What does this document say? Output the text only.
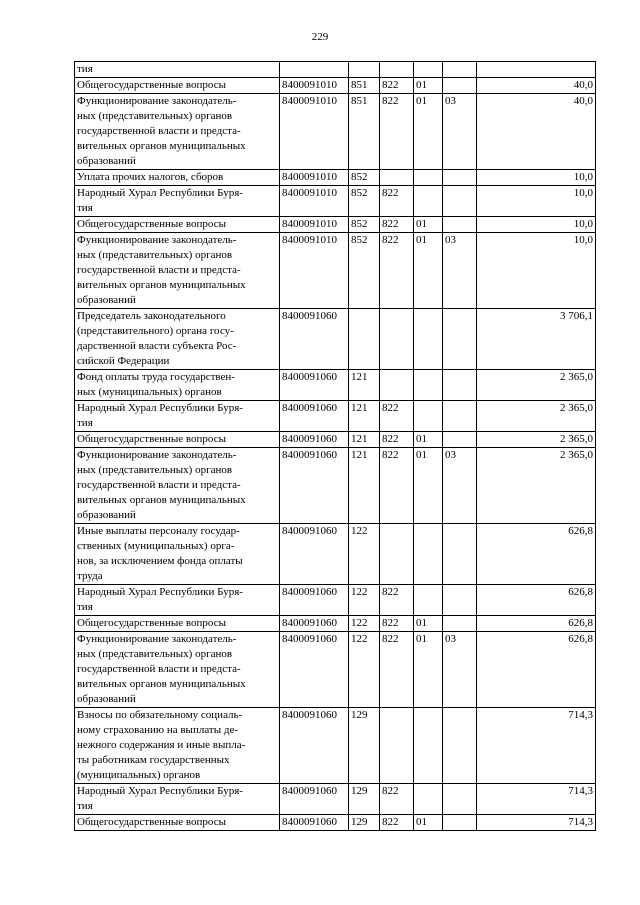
229
тия						
Общегосударственные вопросы	8400091010	851	822	01		40,0
Функционирование законодатель-
ных (представительных) органов
государственной власти и предста-
вительных органов муниципальных
образований	8400091010	851	822	01	03	40,0
Уплата прочих налогов, сборов	8400091010	852				10,0
Народный Хурал Республики Буря-
тия	8400091010	852	822			10,0
Общегосударственные вопросы	8400091010	852	822	01		10,0
Функционирование законодатель-
ных (представительных) органов
государственной власти и предста-
вительных органов муниципальных
образований	8400091010	852	822	01	03	10,0
Председатель законодательного
(представительного) органа госу-
дарственной власти субъекта Рос-
сийской Федерации	8400091060					3 706,1
Фонд оплаты труда государствен-
ных (муниципальных) органов	8400091060	121				2 365,0
Народный Хурал Республики Буря-
тия	8400091060	121	822			2 365,0
Общегосударственные вопросы	8400091060	121	822	01		2 365,0
Функционирование законодатель-
ных (представительных) органов
государственной власти и предста-
вительных органов муниципальных
образований	8400091060	121	822	01	03	2 365,0
Иные выплаты персоналу государ-
ственных (муниципальных) орга-
нов, за исключением фонда оплаты
труда	8400091060	122				626,8
Народный Хурал Республики Буря-
тия	8400091060	122	822			626,8
Общегосударственные вопросы	8400091060	122	822	01		626,8
Функционирование законодатель-
ных (представительных) органов
государственной власти и предста-
вительных органов муниципальных
образований	8400091060	122	822	01	03	626,8
Взносы по обязательному социаль-
ному страхованию на выплаты де-
нежного содержания и иные выпла-
ты работникам государственных
(муниципальных) органов	8400091060	129				714,3
Народный Хурал Республики Буря-
тия	8400091060	129	822			714,3
Общегосударственные вопросы	8400091060	129	822	01		714,3
